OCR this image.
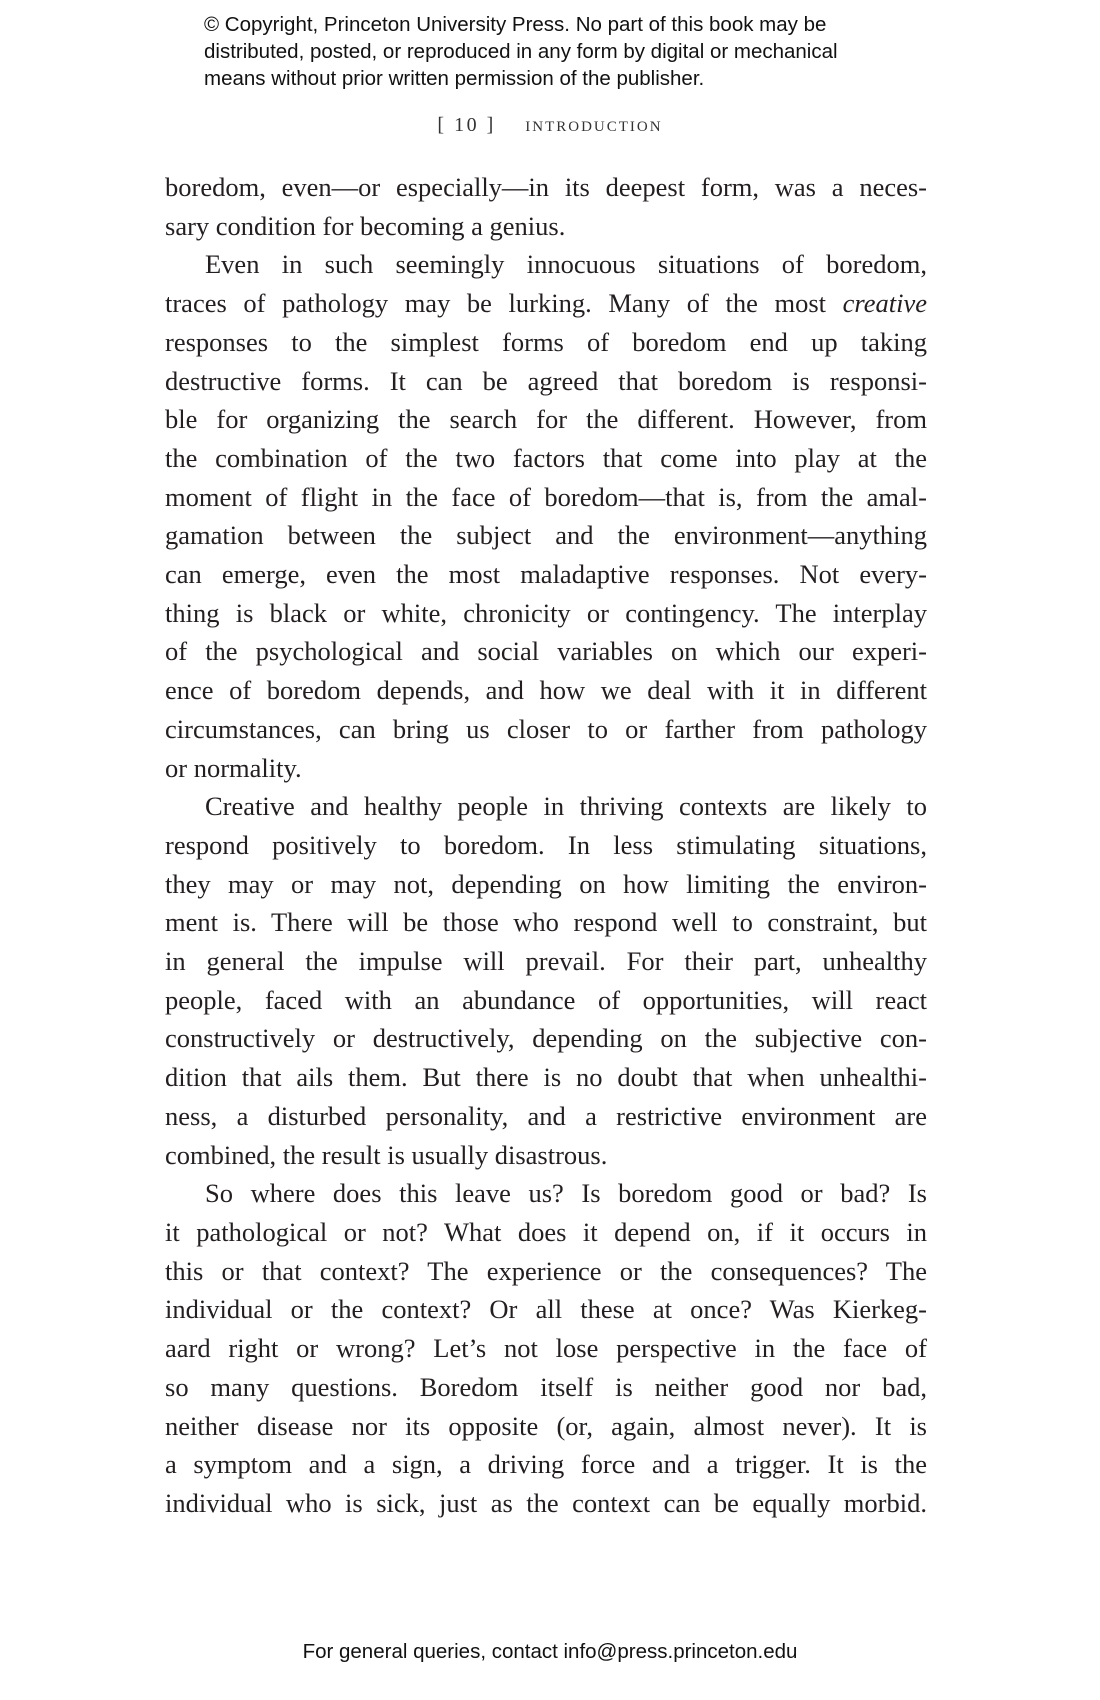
© Copyright, Princeton University Press. No part of this book may be
distributed, posted, or reproduced in any form by digital or mechanical
means without prior written permission of the publisher.
[ 10 ] introduction

boredom, even—or especially—in its deepest form, was a neces-
sary condition for becoming a genius.

Even in such seemingly innocuous situations of boredom,
traces of pathology may be lurking. Many of the most creative
responses to the simplest forms of boredom end up taking
destructive forms. It can be agreed that boredom is responsi-
ble for organizing the search for the different. However, from
the combination of the two factors that come into play at the
moment of flight in the face of boredom—that is, from the amal-
gamation between the subject and the environment—anything
can emerge, even the most maladaptive responses. Not every-
thing is black or white, chronicity or contingency. The interplay
of the psychological and social variables on which our experi-
ence of boredom depends, and how we deal with it in different
circumstances, can bring us closer to or farther from pathology
or normality.

Creative and healthy people in thriving contexts are likely to
respond positively to boredom. In less stimulating situations,
they may or may not, depending on how limiting the environ-
ment is. There will be those who respond well to constraint, but
in general the impulse will prevail. For their part, unhealthy
people, faced with an abundance of opportunities, will react
constructively or destructively, depending on the subjective con-
dition that ails them. But there is no doubt that when unhealthi-
ness, a disturbed personality, and a restrictive environment are
combined, the result is usually disastrous.

So where does this leave us? Is boredom good or bad? Is
it pathological or not? What does it depend on, if it occurs in
this or that context? The experience or the consequences? The
individual or the context? Or all these at once? Was Kierkeg-
aard right or wrong? Let’s not lose perspective in the face of
so many questions. Boredom itself is neither good nor bad,
neither disease nor its opposite (or, again, almost never). It is
a symptom and a sign, a driving force and a trigger. It is the
individual who is sick, just as the context can be equally morbid.

For general queries, contact info@press.princeton.edu
